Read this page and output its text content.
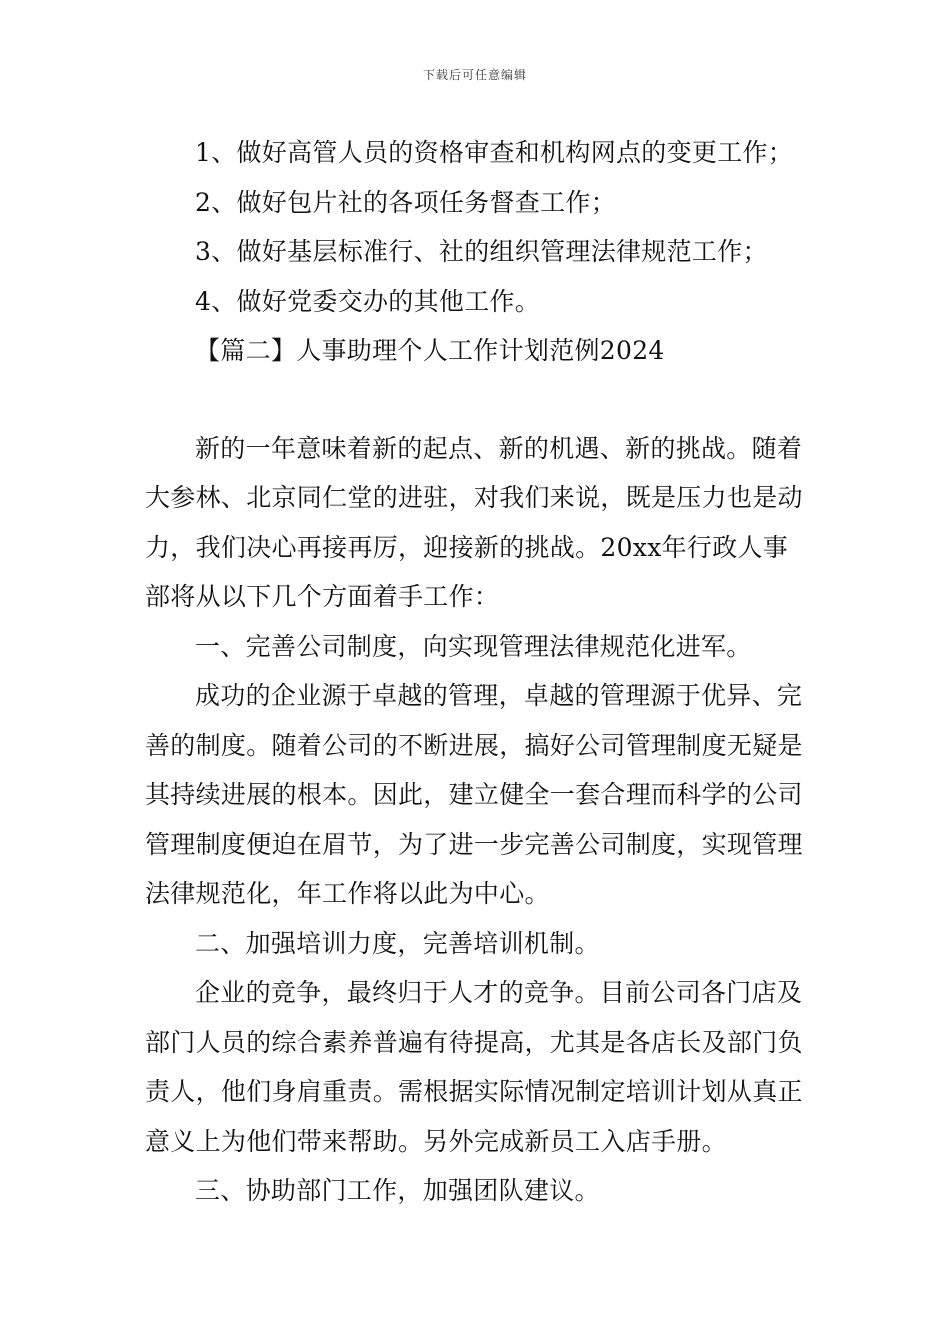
下载后可任意编辑

1、做好高管人员的资格审查和机构网点的变更工作；

2、做好包片社的各项任务督查工作；

3、做好基层标准行、社的组织管理法律规范工作；

4、做好党委交办的其他工作。

【篇二】人事助理个人工作计划范例2024

新的一年意味着新的起点、新的机遇、新的挑战。随着大参林、北京同仁堂的进驻，对我们来说，既是压力也是动力，我们决心再接再厉，迎接新的挑战。20xx年行政人事部将从以下几个方面着手工作：

一、完善公司制度，向实现管理法律规范化进军。

成功的企业源于卓越的管理，卓越的管理源于优异、完善的制度。随着公司的不断进展，搞好公司管理制度无疑是其持续进展的根本。因此，建立健全一套合理而科学的公司管理制度便迫在眉节，为了进一步完善公司制度，实现管理法律规范化，年工作将以此为中心。

二、加强培训力度，完善培训机制。

企业的竞争，最终归于人才的竞争。目前公司各门店及部门人员的综合素养普遍有待提高，尤其是各店长及部门负责人，他们身肩重责。需根据实际情况制定培训计划从真正意义上为他们带来帮助。另外完成新员工入店手册。

三、协助部门工作，加强团队建议。
